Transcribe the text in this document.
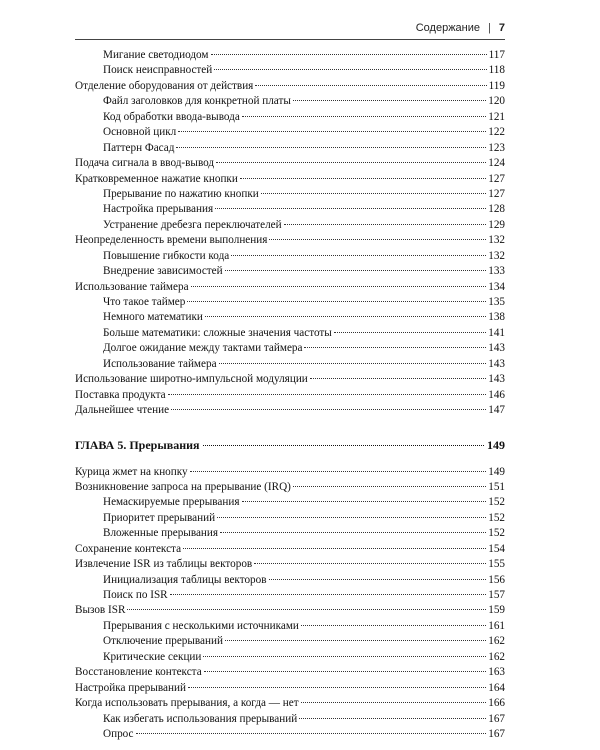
Содержание | 7
Мигание светодиодом	117
Поиск неисправностей	118
Отделение оборудования от действия	119
Файл заголовков для конкретной платы	120
Код обработки ввода-вывода	121
Основной цикл	122
Паттерн Фасад	123
Подача сигнала в ввод-вывод	124
Кратковременное нажатие кнопки	127
Прерывание по нажатию кнопки	127
Настройка прерывания	128
Устранение дребезга переключателей	129
Неопределенность времени выполнения	132
Повышение гибкости кода	132
Внедрение зависимостей	133
Использование таймера	134
Что такое таймер	135
Немного математики	138
Больше математики: сложные значения частоты	141
Долгое ожидание между тактами таймера	143
Использование таймера	143
Использование широтно-импульсной модуляции	143
Поставка продукта	146
Дальнейшее чтение	147
ГЛАВА 5. Прерывания	149
Курица жмет на кнопку	149
Возникновение запроса на прерывание (IRQ)	151
Немаскируемые прерывания	152
Приоритет прерываний	152
Вложенные прерывания	152
Сохранение контекста	154
Извлечение ISR из таблицы векторов	155
Инициализация таблицы векторов	156
Поиск по ISR	157
Вызов ISR	159
Прерывания с несколькими источниками	161
Отключение прерываний	162
Критические секции	162
Восстановление контекста	163
Настройка прерываний	164
Когда использовать прерывания, а когда — нет	166
Как избегать использования прерываний	167
Опрос	167
